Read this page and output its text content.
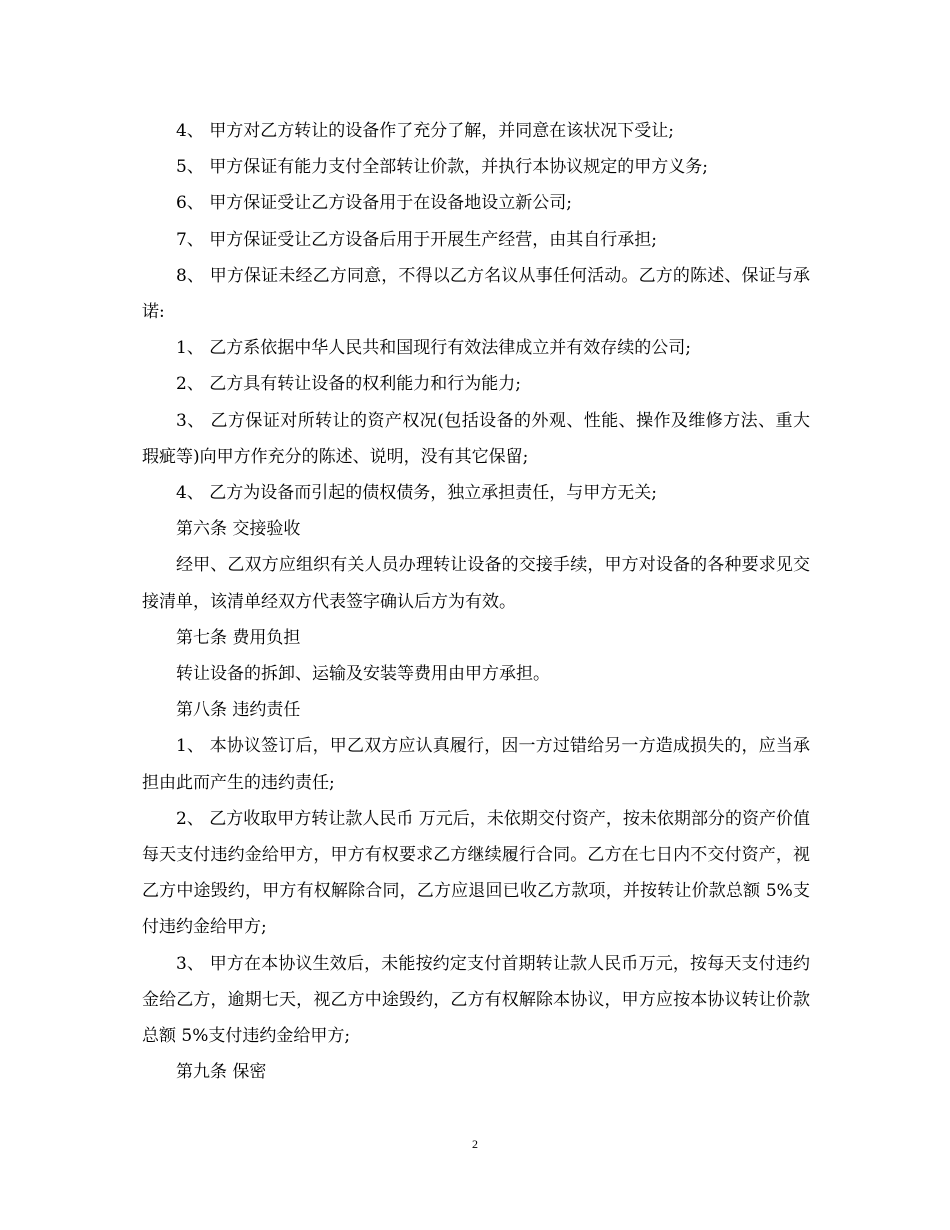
4、 甲方对乙方转让的设备作了充分了解，并同意在该状况下受让;

5、 甲方保证有能力支付全部转让价款，并执行本协议规定的甲方义务;

6、 甲方保证受让乙方设备用于在设备地设立新公司;

7、 甲方保证受让乙方设备后用于开展生产经营，由其自行承担;

8、 甲方保证未经乙方同意，不得以乙方名议从事任何活动。乙方的陈述、保证与承诺:

1、 乙方系依据中华人民共和国现行有效法律成立并有效存续的公司;

2、 乙方具有转让设备的权利能力和行为能力;

3、 乙方保证对所转让的资产权况(包括设备的外观、性能、操作及维修方法、重大瑕疵等)向甲方作充分的陈述、说明，没有其它保留;

4、 乙方为设备而引起的债权债务，独立承担责任，与甲方无关;

第六条 交接验收

经甲、乙双方应组织有关人员办理转让设备的交接手续，甲方对设备的各种要求见交接清单，该清单经双方代表签字确认后方为有效。

第七条 费用负担

转让设备的拆卸、运输及安装等费用由甲方承担。

第八条 违约责任

1、 本协议签订后，甲乙双方应认真履行，因一方过错给另一方造成损失的，应当承担由此而产生的违约责任;

2、 乙方收取甲方转让款人民币 万元后，未依期交付资产，按未依期部分的资产价值每天支付违约金给甲方，甲方有权要求乙方继续履行合同。乙方在七日内不交付资产，视乙方中途毁约，甲方有权解除合同，乙方应退回已收乙方款项，并按转让价款总额 5%支付违约金给甲方;

3、 甲方在本协议生效后，未能按约定支付首期转让款人民币万元，按每天支付违约金给乙方，逾期七天，视乙方中途毁约，乙方有权解除本协议，甲方应按本协议转让价款总额 5%支付违约金给甲方;

第九条 保密

2
